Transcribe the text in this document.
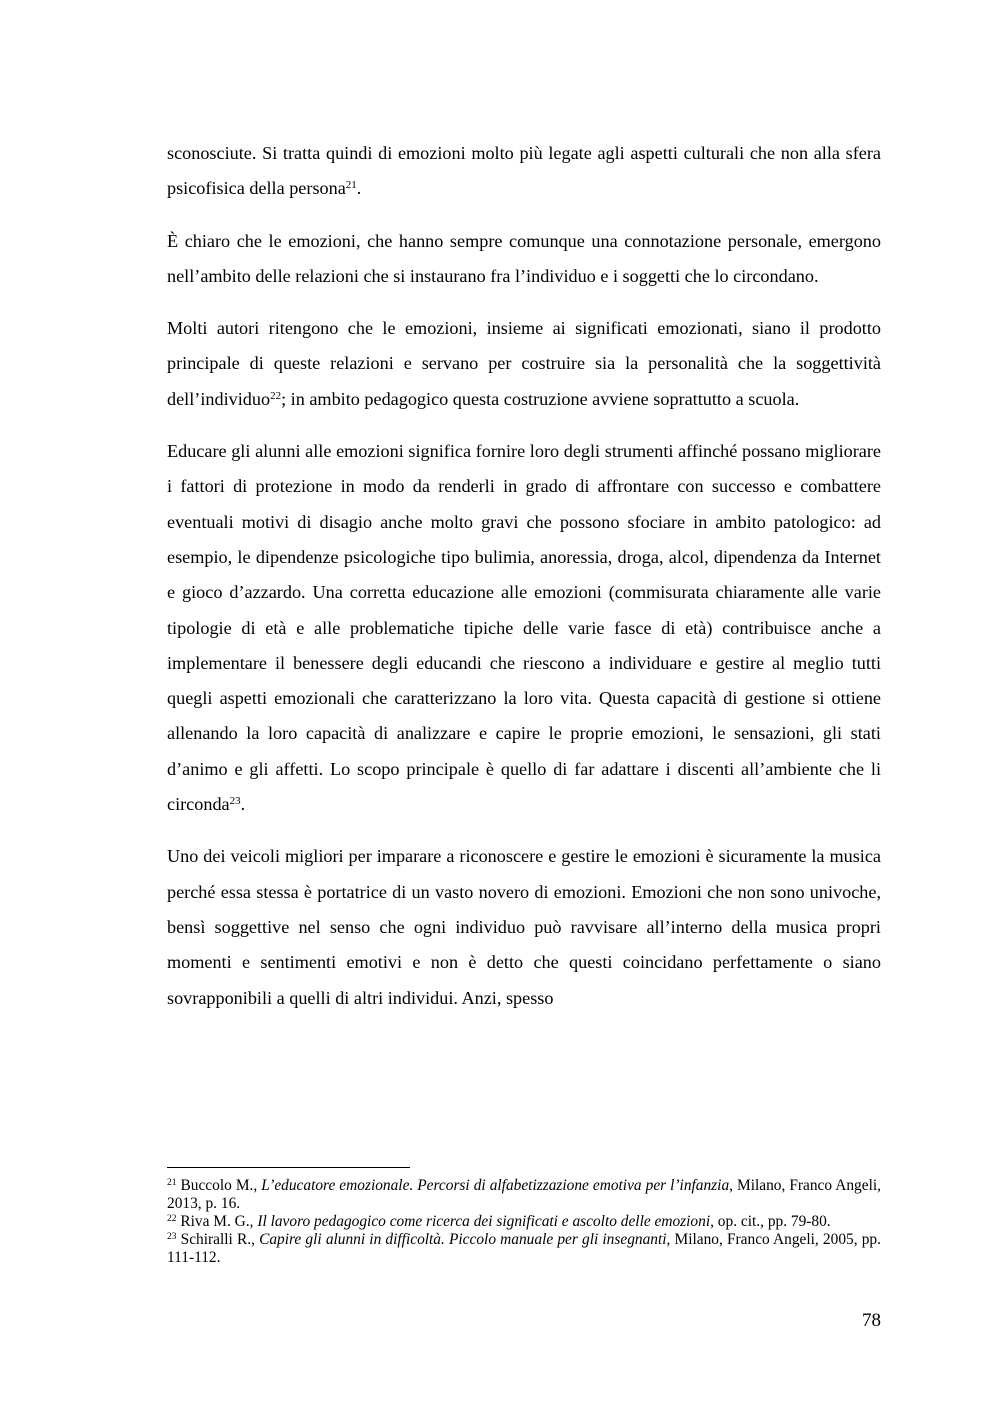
sconosciute. Si tratta quindi di emozioni molto più legate agli aspetti culturali che non alla sfera psicofisica della persona$^{21}$.

È chiaro che le emozioni, che hanno sempre comunque una connotazione personale, emergono nell’ambito delle relazioni che si instaurano fra l’individuo e i soggetti che lo circondano.

Molti autori ritengono che le emozioni, insieme ai significati emozionati, siano il prodotto principale di queste relazioni e servano per costruire sia la personalità che la soggettività dell’individuo$^{22}$; in ambito pedagogico questa costruzione avviene soprattutto a scuola.

Educare gli alunni alle emozioni significa fornire loro degli strumenti affinché possano migliorare i fattori di protezione in modo da renderli in grado di affrontare con successo e combattere eventuali motivi di disagio anche molto gravi che possono sfociare in ambito patologico: ad esempio, le dipendenze psicologiche tipo bulimia, anoressia, droga, alcol, dipendenza da Internet e gioco d’azzardo. Una corretta educazione alle emozioni (commisurata chiaramente alle varie tipologie di età e alle problematiche tipiche delle varie fasce di età) contribuisce anche a implementare il benessere degli educandi che riescono a individuare e gestire al meglio tutti quegli aspetti emozionali che caratterizzano la loro vita. Questa capacità di gestione si ottiene allenando la loro capacità di analizzare e capire le proprie emozioni, le sensazioni, gli stati d’animo e gli affetti. Lo scopo principale è quello di far adattare i discenti all’ambiente che li circonda$^{23}$.

Uno dei veicoli migliori per imparare a riconoscere e gestire le emozioni è sicuramente la musica perché essa stessa è portatrice di un vasto novero di emozioni. Emozioni che non sono univoche, bensì soggettive nel senso che ogni individuo può ravvisare all’interno della musica propri momenti e sentimenti emotivi e non è detto che questi coincidano perfettamente o siano sovrapponibili a quelli di altri individui. Anzi, spesso

$^{21}$ Buccolo M., L’educatore emozionale. Percorsi di alfabetizzazione emotiva per l’infanzia, Milano, Franco Angeli, 2013, p. 16.

$^{22}$ Riva M. G., Il lavoro pedagogico come ricerca dei significati e ascolto delle emozioni, op. cit., pp. 79-80.

$^{23}$ Schiralli R., Capire gli alunni in difficoltà. Piccolo manuale per gli insegnanti, Milano, Franco Angeli, 2005, pp. 111-112.

78
